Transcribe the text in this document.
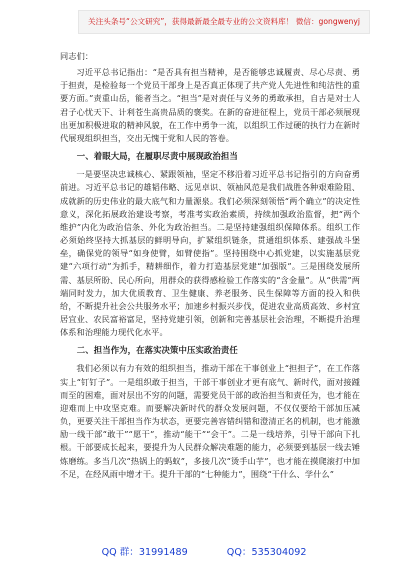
关注头条号“公文研究”，获得最新最全最专业的公文资料库！ 微信：gongwenyj

同志们：

习近平总书记指出：“是否具有担当精神，是否能够忠诚履责、尽心尽责、勇于担责，是检验每一个党员干部身上是否真正体现了共产党人先进性和纯洁性的重要方面。”责重山岳，能者当之。“担当”是对责任与义务的勇敢承担，自古是对士人君子心忧天下、计利苍生高贵品质的褒奖。在新的奋进征程上，党员干部必须展现出更加积极进取的精神风貌，在工作中勇争一流，以组织工作过硬的执行力在新时代展现组织担当，交出无愧于党和人民的答卷。

一、着眼大局，在履职尽责中展现政治担当

一是要坚决忠诚核心、紧跟领袖，坚定不移沿着习近平总书记指引的方向奋勇前进。习近平总书记的雄韬伟略、远见卓识、领袖风范是我们战胜各种艰难险阻、成就新的历史伟业的最大底气和力量源泉。我们必须深刻领悟“两个确立”的决定性意义，深化拓展政治建设考察，考准考实政治素质，持续加强政治监督，把“两个维护”内化为政治信条、外化为政治担当。二是坚持建强组织保障体系。组织工作必须始终坚持大抓基层的鲜明导向，扩紧组织链条，贯通组织体系、建强战斗堡垒，确保党的领导“如身使臂，如臂使指”。坚持围绕中心抓党建，以实施基层党建“六项行动”为抓手，精耕细作，着力打造基层党建“加强版”。三是围绕发展所需、基层所盼、民心所向，用群众的获得感检验工作落实的“含金量”。从“供需”两端同时发力，加大优质教育、卫生健康、养老服务、民生保障等方面的投入和供给，不断提升社会公共服务水平；加速乡村振兴步伐，促进农业高质高效、乡村宜居宜业、农民富裕富足，坚持党建引领，创新和完善基层社会治理，不断提升治理体系和治理能力现代化水平。

二、担当作为，在落实决策中压实政治责任

我们必须以有力有效的组织担当，推动干部在干事创业上“担担子”，在工作落实上“钉钉子”。一是组织敢于担当，干部干事创业才更有底气、新时代，面对接踵而至的困难，面对层出不穷的问题，需要党员干部的政治担当和责任为，也才能在迎难而上中攻坚克难。而要解决新时代的群众发展问题，不仅仅要给干部加压减负，更要关注干部担当作为状态，更要完善容错纠错和澄清正名的机制，也才能激励一线干部“敢干”“愿干”，推动“能干”“会干”。二是一线培养，引导干部向下扎根。干部要成长起来，要提升为人民群众解决难题的能力，必须要到基层一线去锤炼磨练。多当几次“热锅上的蚂蚁”，多接几次“烫手山芋”，也才能在摸爬滚打中加不足，在经风雨中增才干。提升干部的“七种能力”，围绕“干什么、学什么”

QQ 群：31991489	QQ：535304092
